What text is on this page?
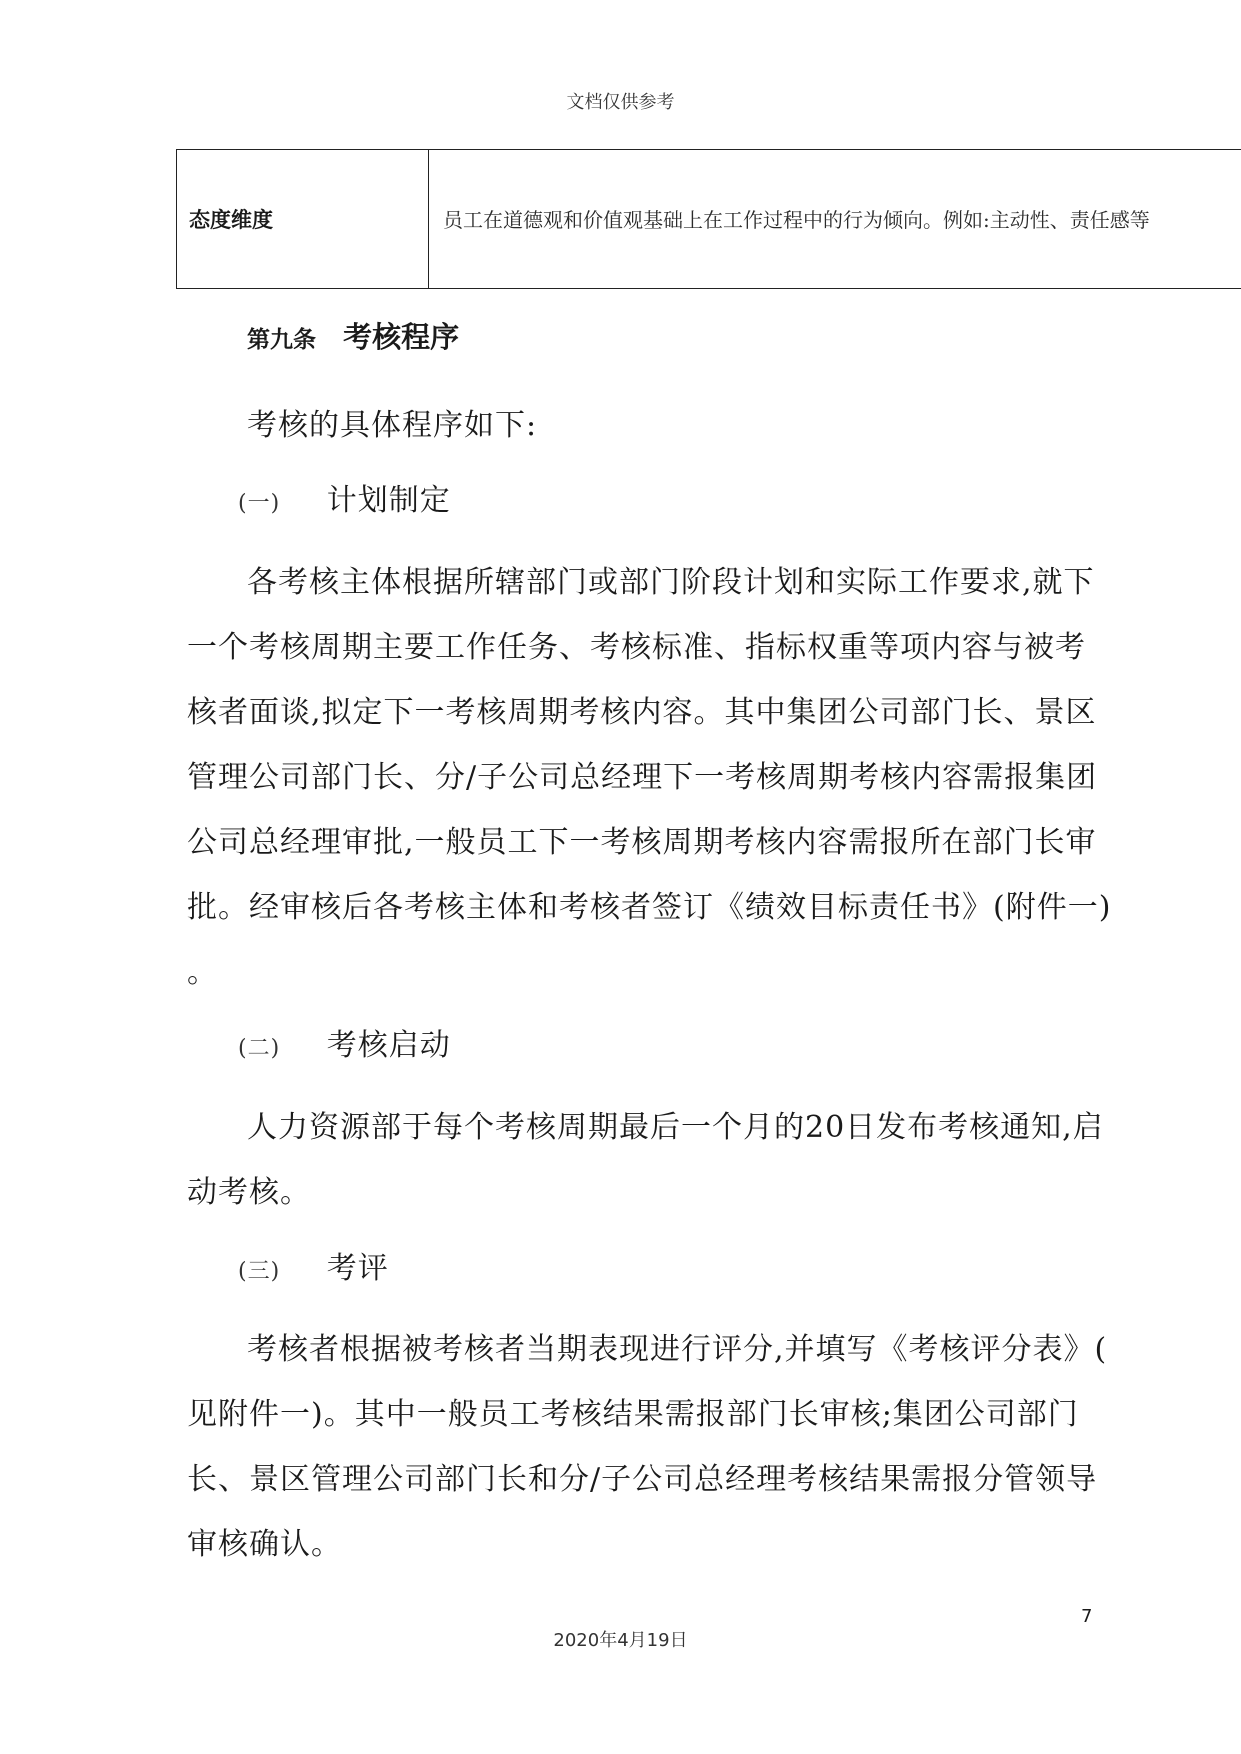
文档仅供参考
态度维度	员工在道德观和价值观基础上在工作过程中的行为倾向。例如:主动性、责任感等
第九条 考核程序
考核的具体程序如下:
(一) 计划制定
各考核主体根据所辖部门或部门阶段计划和实际工作要求,就下
一个考核周期主要工作任务、考核标准、指标权重等项内容与被考
核者面谈,拟定下一考核周期考核内容。其中集团公司部门长、景区
管理公司部门长、分/子公司总经理下一考核周期考核内容需报集团
公司总经理审批,一般员工下一考核周期考核内容需报所在部门长审
批。经审核后各考核主体和考核者签订《绩效目标责任书》(附件一)
。
(二) 考核启动
人力资源部于每个考核周期最后一个月的20日发布考核通知,启
动考核。
(三) 考评
考核者根据被考核者当期表现进行评分,并填写《考核评分表》(
见附件一)。其中一般员工考核结果需报部门长审核;集团公司部门
长、景区管理公司部门长和分/子公司总经理考核结果需报分管领导
审核确认。
7
2020年4月19日
